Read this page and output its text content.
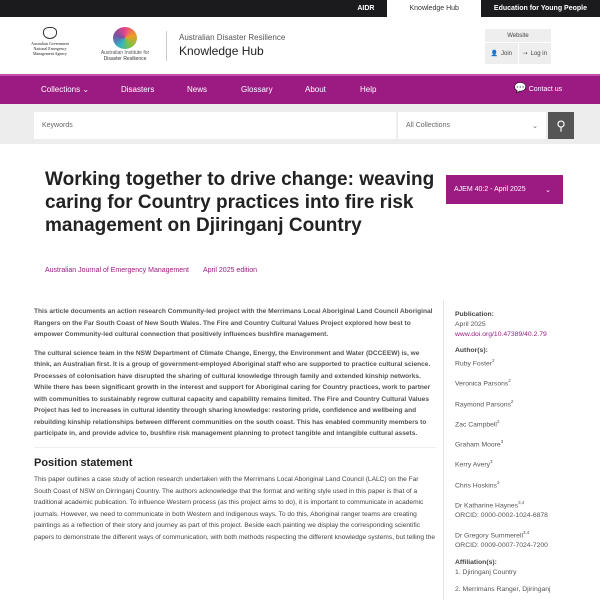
AIDR	Knowledge Hub	Education for Young People
Australian Government
National Emergency Management Agency	Australian Institute for
Disaster Resilience
Australian Disaster Resilience
Knowledge Hub
Website
👤 Join ⇢ Log in
Collections ⌄	Disasters	News	Glossary	About	Help	💬 Contact us
Keywords	All Collections	⌄ ⚲
Working together to drive change: weaving caring for Country practices into fire risk management on Djiringanj Country
Australian Journal of Emergency Management April 2025 edition
AJEM 40:2 - April 2025	⌄

This article documents an action research Community-led project with the Merrimans Local Aboriginal Land Council Aboriginal Rangers on the Far South Coast of New South Wales. The Fire and Country Cultural Values Project explored how best to empower Community-led cultural connection that positively influences bushfire management.

The cultural science team in the NSW Department of Climate Change, Energy, the Environment and Water (DCCEEW) is, we think, an Australian first. It is a group of government-employed Aboriginal staff who are supported to practice cultural science. Processes of colonisation have disrupted the sharing of cultural knowledge through family and extended kinship networks. While there has been significant growth in the interest and support for Aboriginal caring for Country practices, work to partner with communities to sustainably regrow cultural capacity and capability remains limited. The Fire and Country Cultural Values Project has led to increases in cultural identity through sharing knowledge: restoring pride, confidence and wellbeing and rebuilding kinship relationships between different communities on the south coast. This has enabled community members to participate in, and provide advice to, bushfire risk management planning to protect tangible and intangible cultural assets.

Position statement

This paper outlines a case study of action research undertaken with the Merrimans Local Aboriginal Land Council (LALC) on the Far South Coast of NSW on Dirringanj Country. The authors acknowledge that the format and writing style used in this paper is that of a traditional academic publication. To influence Western process (as this project aims to do), it is important to communicate in academic journals. However, we need to communicate in both Western and Indigenous ways. To do this, Aboriginal ranger teams are creating paintings as a reflection of their story and journey as part of this project. Beside each painting we display the corresponding scientific papers to demonstrate the different ways of communication, with both methods respecting the different knowledge systems, but telling the

Publication:
April 2025
www.doi.org/10.47389/40.2.79
Author(s):
Ruby Foster$^2$
Veronica Parsons$^2$
Raymond Parsons$^2$
Zac Campbell$^2$
Graham Moore$^3$
Kerry Avery$^3$
Chris Hoskins$^3$
Dr Katharine Haynes$^{3,4}$
ORCID: 0000-0002-1024-6878
Dr Gregory Summerell$^{3,4}$
ORCID: 0009-0007-7024-7200
Affiliation(s):
1. Djiringanj Country
2. Merrimans Ranger, Djiringanj
